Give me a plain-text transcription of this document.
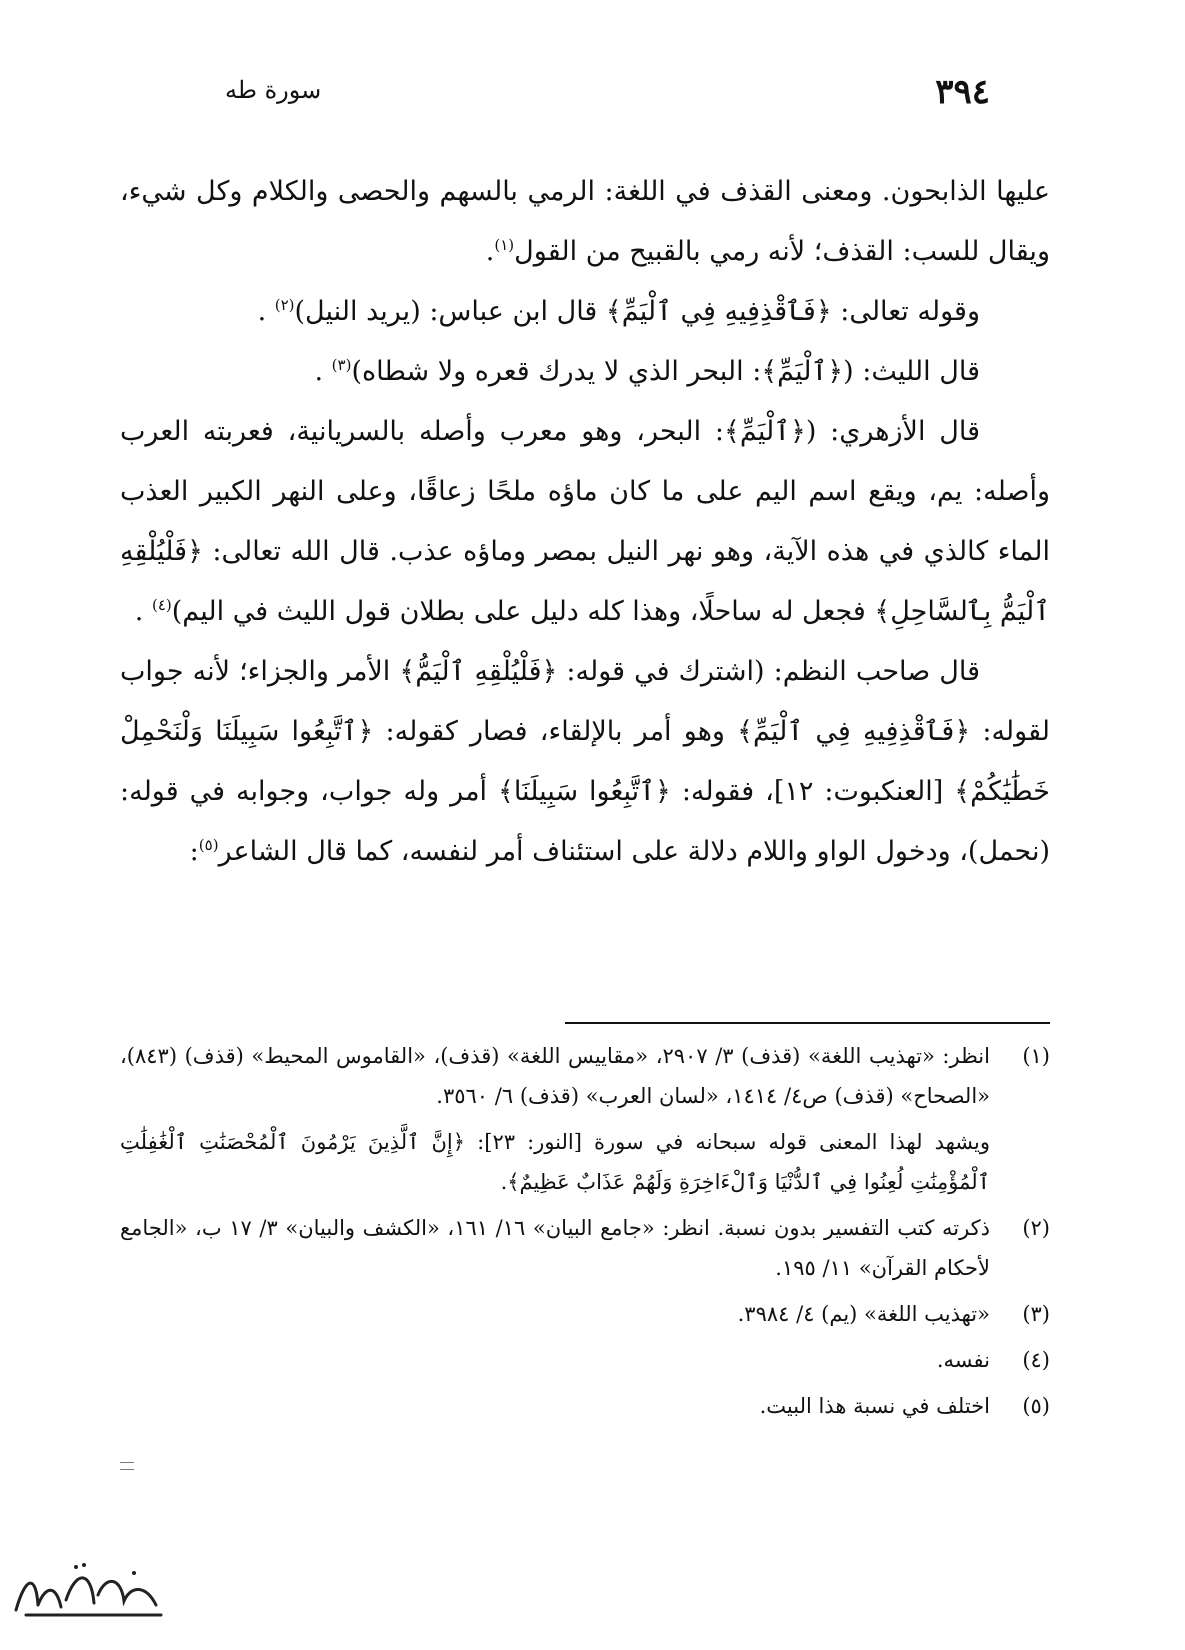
٣٩٤
سورة طه

عليها الذابحون. ومعنى القذف في اللغة: الرمي بالسهم والحصى والكلام وكل شيء، ويقال للسب: القذف؛ لأنه رمي بالقبيح من القول$^{(١)}$.

وقوله تعالى: ﴿فَٱقْذِفِيهِ فِي ٱلْيَمِّ﴾ قال ابن عباس: (يريد النيل)$^{(٢)}$ .

قال الليث: (﴿ٱلْيَمِّ﴾: البحر الذي لا يدرك قعره ولا شطاه)$^{(٣)}$ .

قال الأزهري: (﴿ٱلْيَمِّ﴾: البحر، وهو معرب وأصله بالسريانية، فعربته العرب وأصله: يم، ويقع اسم اليم على ما كان ماؤه ملحًا زعاقًا، وعلى النهر الكبير العذب الماء كالذي في هذه الآية، وهو نهر النيل بمصر وماؤه عذب. قال الله تعالى: ﴿فَلْيُلْقِهِ ٱلْيَمُّ بِٱلسَّاحِلِ﴾ فجعل له ساحلًا، وهذا كله دليل على بطلان قول الليث في اليم)$^{(٤)}$ .

قال صاحب النظم: (اشترك في قوله: ﴿فَلْيُلْقِهِ ٱلْيَمُّ﴾ الأمر والجزاء؛ لأنه جواب لقوله: ﴿فَٱقْذِفِيهِ فِي ٱلْيَمِّ﴾ وهو أمر بالإلقاء، فصار كقوله: ﴿ٱتَّبِعُوا سَبِيلَنَا وَلْنَحْمِلْ خَطَٰيَٰكُمْ﴾ [العنكبوت: ١٢]، فقوله: ﴿ٱتَّبِعُوا سَبِيلَنَا﴾ أمر وله جواب، وجوابه في قوله: (نحمل)، ودخول الواو واللام دلالة على استئناف أمر لنفسه، كما قال الشاعر$^{(٥)}$:

(١)
انظر: «تهذيب اللغة» (قذف) ٣/ ٢٩٠٧، «مقاييس اللغة» (قذف)، «القاموس المحيط» (قذف) (٨٤٣)، «الصحاح» (قذف) ص٤/ ١٤١٤، «لسان العرب» (قذف) ٦/ ٣٥٦٠.
ويشهد لهذا المعنى قوله سبحانه في سورة [النور: ٢٣]: ﴿إِنَّ ٱلَّذِينَ يَرْمُونَ ٱلْمُحْصَنَٰتِ ٱلْغَٰفِلَٰتِ ٱلْمُؤْمِنَٰتِ لُعِنُوا فِي ٱلدُّنْيَا وَٱلْءَاخِرَةِ وَلَهُمْ عَذَابٌ عَظِيمٌ﴾.
(٢)
ذكرته كتب التفسير بدون نسبة. انظر: «جامع البيان» ١٦/ ١٦١، «الكشف والبيان» ٣/ ١٧ ب، «الجامع لأحكام القرآن» ١١/ ١٩٥.
(٣)
«تهذيب اللغة» (يم) ٤/ ٣٩٨٤.
(٤)
نفسه.
(٥)
اختلف في نسبة هذا البيت.
